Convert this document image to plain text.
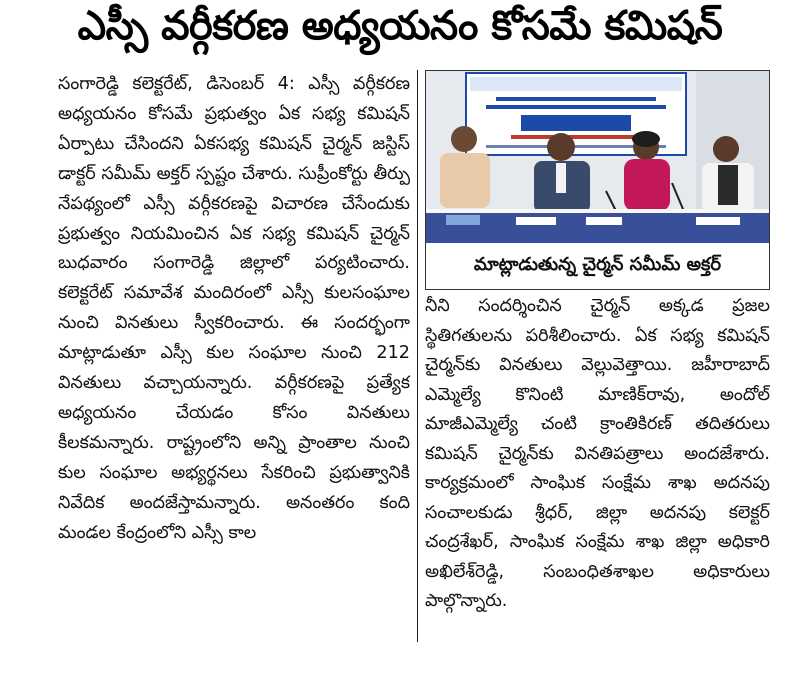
ఎస్సీ వర్గీకరణ అధ్యయనం కోసమే కమిషన్

సంగారెడ్డి కలెక్టరేట్, డిసెంబర్ 4: ఎస్సీ వర్గీకరణ అధ్యయనం కోసమే ప్రభుత్వం ఏక సభ్య కమిషన్ ఏర్పాటు చేసిందని ఏకసభ్య కమిషన్ చైర్మన్ జస్టిస్ డాక్టర్ సమీమ్ అక్తర్ స్పష్టం చేశారు. సుప్రీంకోర్టు తీర్పు నేపథ్యంలో ఎస్సీ వర్గీకరణపై విచారణ చేసేందుకు ప్రభుత్వం నియమించిన ఏక సభ్య కమిషన్ చైర్మన్ బుధవారం సంగారెడ్డి జిల్లాలో పర్యటించారు. కలెక్టరేట్ సమావేశ మందిరంలో ఎస్సీ కులసంఘాల నుంచి వినతులు స్వీకరించారు. ఈ సందర్భంగా మాట్లాడుతూ ఎస్సీ కుల సంఘాల నుంచి 212 వినతులు వచ్చాయన్నారు. వర్గీకరణపై ప్రత్యేక అధ్యయనం చేయడం కోసం వినతులు కీలకమన్నారు. రాష్ట్రంలోని అన్ని ప్రాంతాల నుంచి కుల సంఘాల అభ్యర్థనలు సేకరించి ప్రభుత్వానికి నివేదిక అందజేస్తామన్నారు. అనంతరం కంది మండల కేంద్రంలోని ఎస్సీ కాల

మాట్లాడుతున్న చైర్మన్ సమీమ్ అక్తర్

నీని సందర్శించిన చైర్మన్ అక్కడ ప్రజల స్థితిగతులను పరిశీలించారు. ఏక సభ్య కమిషన్ చైర్మన్‌కు వినతులు వెల్లువెత్తాయి. జహీరాబాద్ ఎమ్మెల్యే కొనింటి మాణిక్‌రావు, అందోల్ మాజీఎమ్మెల్యే చంటి క్రాంతికిరణ్ తదితరులు కమిషన్ చైర్మన్‌కు వినతిపత్రాలు అందజేశారు. కార్యక్రమంలో సాంఘిక సంక్షేమ శాఖ అదనపు సంచాలకుడు శ్రీధర్, జిల్లా అదనపు కలెక్టర్ చంద్రశేఖర్, సాంఘిక సంక్షేమ శాఖ జిల్లా అధికారి అఖిలేశ్‌రెడ్డి, సంబంధితశాఖల అధికారులు పాల్గొన్నారు.
